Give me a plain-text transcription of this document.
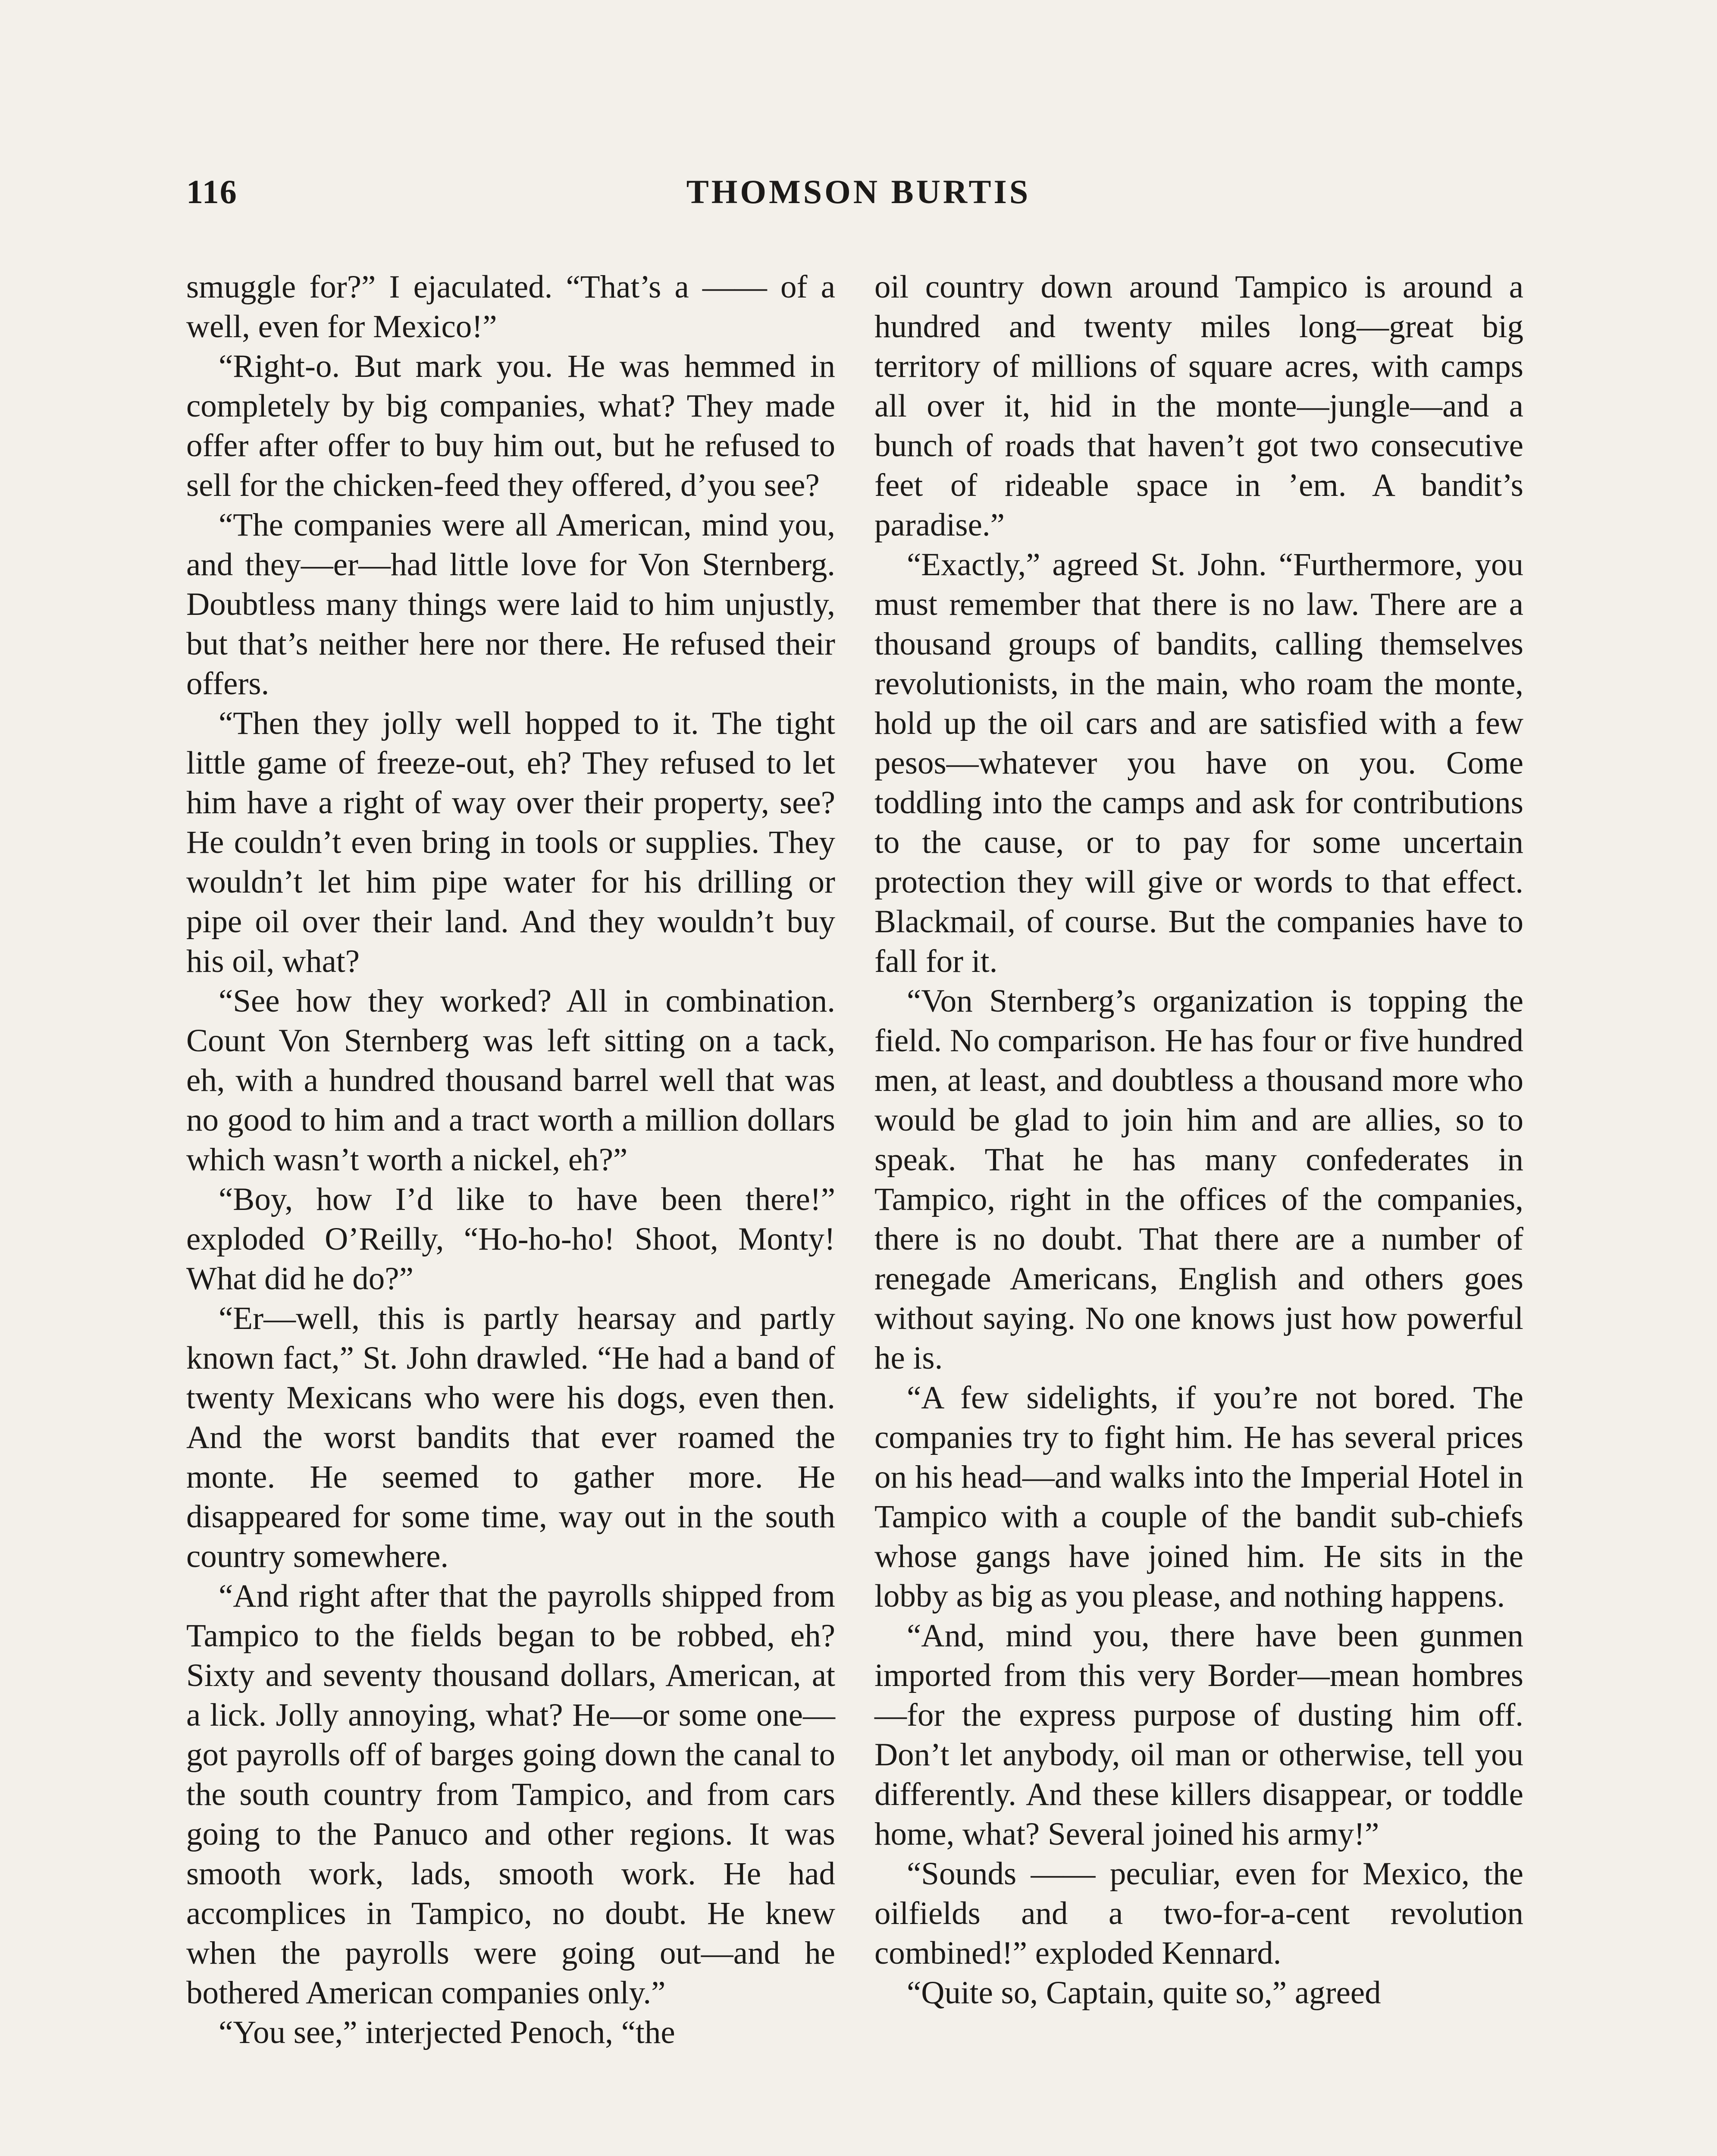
116	THOMSON BURTIS

smuggle for?” I ejaculated. “That’s a —— of a well, even for Mexico!”

“Right-o. But mark you. He was hemmed in completely by big companies, what? They made offer after offer to buy him out, but he refused to sell for the chicken-feed they offered, d’you see?

“The companies were all American, mind you, and they—er—had little love for Von Sternberg. Doubtless many things were laid to him unjustly, but that’s neither here nor there. He refused their offers.

“Then they jolly well hopped to it. The tight little game of freeze-out, eh? They refused to let him have a right of way over their property, see? He couldn’t even bring in tools or supplies. They wouldn’t let him pipe water for his drilling or pipe oil over their land. And they wouldn’t buy his oil, what?

“See how they worked? All in combination. Count Von Sternberg was left sitting on a tack, eh, with a hundred thousand barrel well that was no good to him and a tract worth a million dollars which wasn’t worth a nickel, eh?”

“Boy, how I’d like to have been there!” exploded O’Reilly, “Ho-ho-ho! Shoot, Monty! What did he do?”

“Er—well, this is partly hearsay and partly known fact,” St. John drawled. “He had a band of twenty Mexicans who were his dogs, even then. And the worst bandits that ever roamed the monte. He seemed to gather more. He disappeared for some time, way out in the south country somewhere.

“And right after that the payrolls shipped from Tampico to the fields began to be robbed, eh? Sixty and seventy thousand dollars, American, at a lick. Jolly annoying, what? He—or some one—got payrolls off of barges going down the canal to the south country from Tampico, and from cars going to the Panuco and other regions. It was smooth work, lads, smooth work. He had accomplices in Tampico, no doubt. He knew when the payrolls were going out—and he bothered American companies only.”

“You see,” interjected Penoch, “the

oil country down around Tampico is around a hundred and twenty miles long—great big territory of millions of square acres, with camps all over it, hid in the monte—jungle—and a bunch of roads that haven’t got two consecutive feet of rideable space in ’em. A bandit’s paradise.”

“Exactly,” agreed St. John. “Furthermore, you must remember that there is no law. There are a thousand groups of bandits, calling themselves revolutionists, in the main, who roam the monte, hold up the oil cars and are satisfied with a few pesos—whatever you have on you. Come toddling into the camps and ask for contributions to the cause, or to pay for some uncertain protection they will give or words to that effect. Blackmail, of course. But the companies have to fall for it.

“Von Sternberg’s organization is topping the field. No comparison. He has four or five hundred men, at least, and doubtless a thousand more who would be glad to join him and are allies, so to speak. That he has many confederates in Tampico, right in the offices of the companies, there is no doubt. That there are a number of renegade Americans, English and others goes without saying. No one knows just how powerful he is.

“A few sidelights, if you’re not bored. The companies try to fight him. He has several prices on his head—and walks into the Imperial Hotel in Tampico with a couple of the bandit sub-chiefs whose gangs have joined him. He sits in the lobby as big as you please, and nothing happens.

“And, mind you, there have been gunmen imported from this very Border—mean hombres—for the express purpose of dusting him off. Don’t let anybody, oil man or otherwise, tell you differently. And these killers disappear, or toddle home, what? Several joined his army!”

“Sounds —— peculiar, even for Mexico, the oilfields and a two-for-a-cent revolution combined!” exploded Kennard.

“Quite so, Captain, quite so,” agreed
